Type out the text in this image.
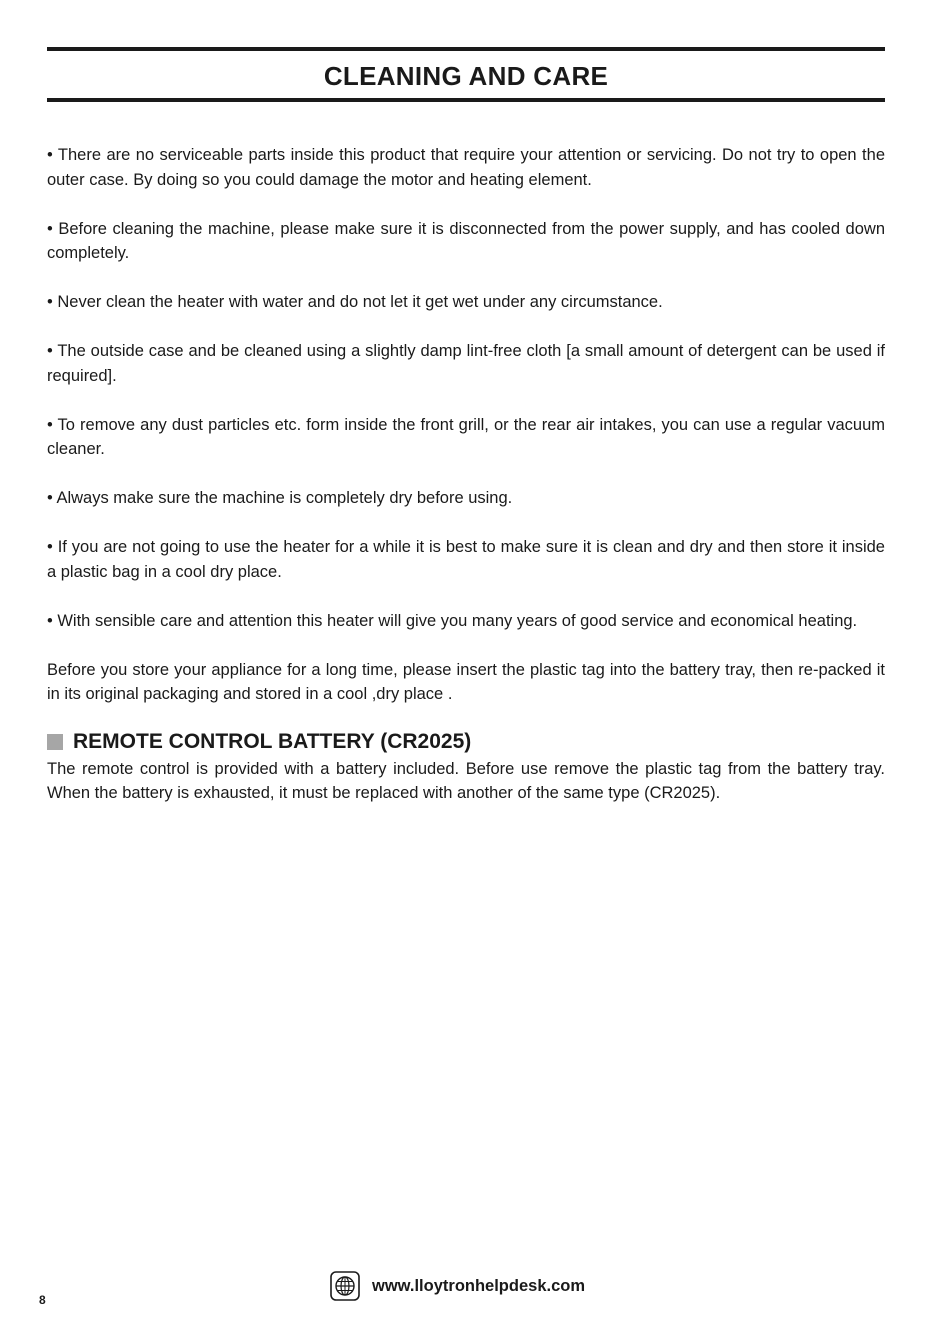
CLEANING AND CARE

• There are no serviceable parts inside this product that require your attention or servicing. Do not try to open the outer case. By doing so you could damage the motor and heating element.

• Before cleaning the machine, please make sure it is disconnected from the power supply, and has cooled down completely.

• Never clean the heater with water and do not let it get wet under any circumstance.

• The outside case and be cleaned using a slightly damp lint-free cloth [a small amount of detergent can be used if required].

• To remove any dust particles etc. form inside the front grill, or the rear air intakes, you can use a regular vacuum cleaner.

• Always make sure the machine is completely dry before using.

• If you are not going to use the heater for a while it is best to make sure it is clean and dry and then store it inside a plastic bag in a cool dry place.

• With sensible care and attention this heater will give you many years of good service and economical heating.

Before you store your appliance for a long time, please insert the plastic tag into the battery tray, then re-packed it in its original packaging and stored in a cool ,dry place .

REMOTE CONTROL BATTERY (CR2025)

The remote control is provided with a battery included. Before use remove the plastic tag from the battery tray. When the battery is exhausted, it must be replaced with another of the same type (CR2025).

8
www.lloytronhelpdesk.com
